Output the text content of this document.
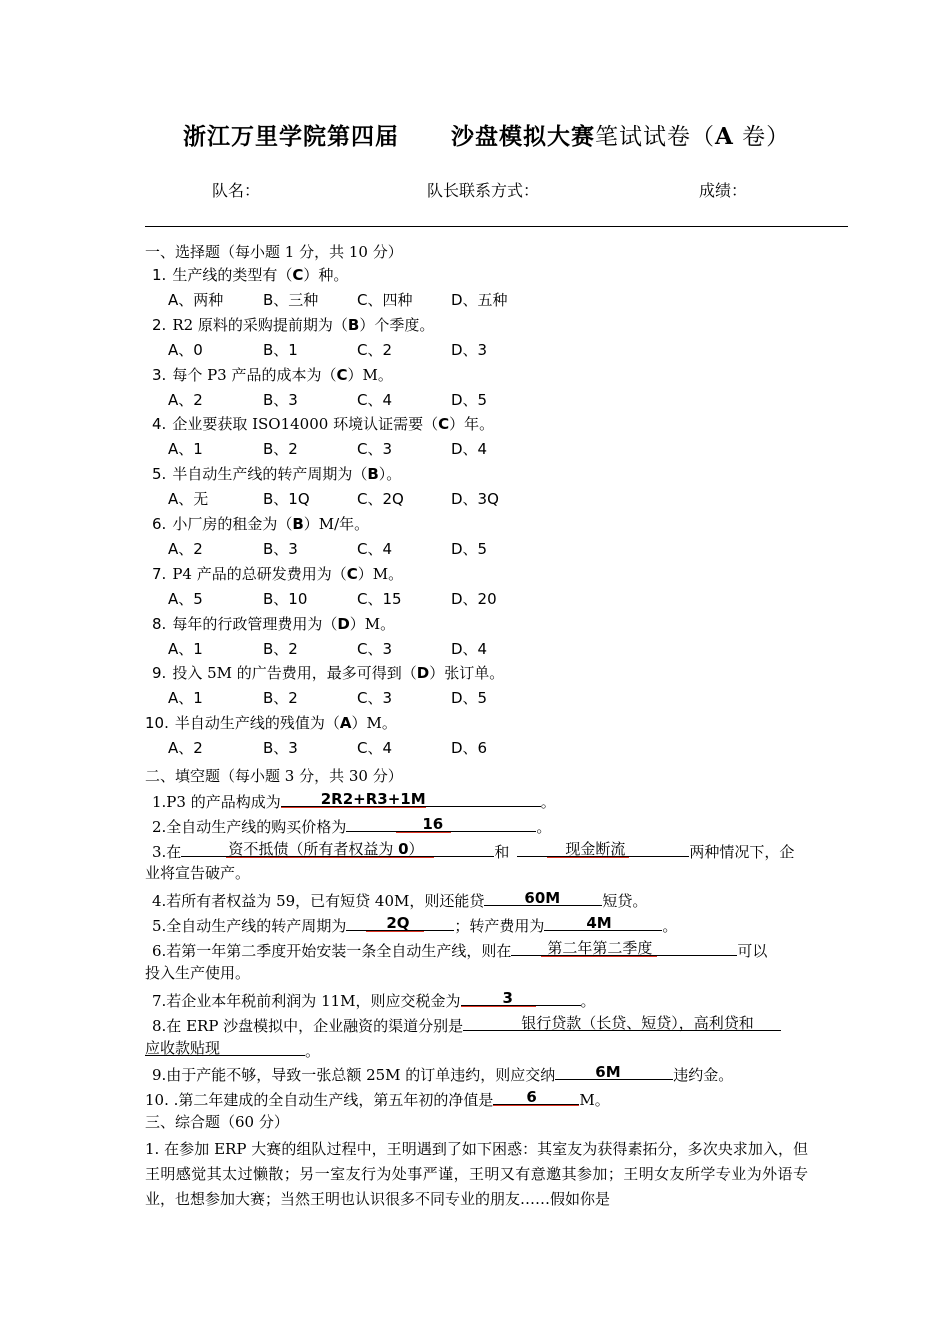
浙江万里学院第四届 沙盘模拟大赛笔试试卷（A 卷）
队名：	队长联系方式：	成绩：
一、选择题（每小题 1 分，共 10 分）
1. 生产线的类型有（C）种。
A、两种	B、三种	C、四种	D、五种
2. R2 原料的采购提前期为（B）个季度。
A、0	B、1	C、2	D、3
3. 每个 P3 产品的成本为（C）M。
A、2	B、3	C、4	D、5
4. 企业要获取 ISO14000 环境认证需要（C）年。
A、1	B、2	C、3	D、4
5. 半自动生产线的转产周期为（B）。
A、无	B、1Q	C、2Q	D、3Q
6. 小厂房的租金为（B）M/年。
A、2	B、3	C、4	D、5
7. P4 产品的总研发费用为（C）M。
A、5	B、10	C、15	D、20
8. 每年的行政管理费用为（D）M。
A、1	B、2	C、3	D、4
9. 投入 5M 的广告费用，最多可得到（D）张订单。
A、1	B、2	C、3	D、5
10. 半自动生产线的残值为（A）M。
A、2	B、3	C、4	D、6
二、填空题（每小题 3 分，共 30 分）
1.P3 的产品构成为	2R2+R3+1M	。
2.全自动生产线的购买价格为	16	。
3.在	资不抵债（所有者权益为 0）	和	现金断流	两种情况下，企
业将宣告破产。
4.若所有者权益为 59，已有短贷 40M，则还能贷	60M	短贷。
5.全自动生产线的转产周期为	2Q	；转产费用为	4M	。
6.若第一年第二季度开始安装一条全自动生产线，则在 第二年第二季度	可以
投入生产使用。
7.若企业本年税前利润为 11M，则应交税金为	3	。
8.在 ERP 沙盘模拟中，企业融资的渠道分别是	银行贷款（长贷、短贷），高利贷和
应收款贴现	。
9.由于产能不够，导致一张总额 25M 的订单违约，则应交纳	6M	违约金。
10. .第二年建成的全自动生产线，第五年初的净值是 6	M。
三、综合题（60 分）
1. 在参加 ERP 大赛的组队过程中，王明遇到了如下困惑：其室友为获得素拓分，多次央求加入，但王明感觉其太过懒散；另一室友行为处事严谨，王明又有意邀其参加；王明女友所学专业为外语专业，也想参加大赛；当然王明也认识很多不同专业的朋友……假如你是
